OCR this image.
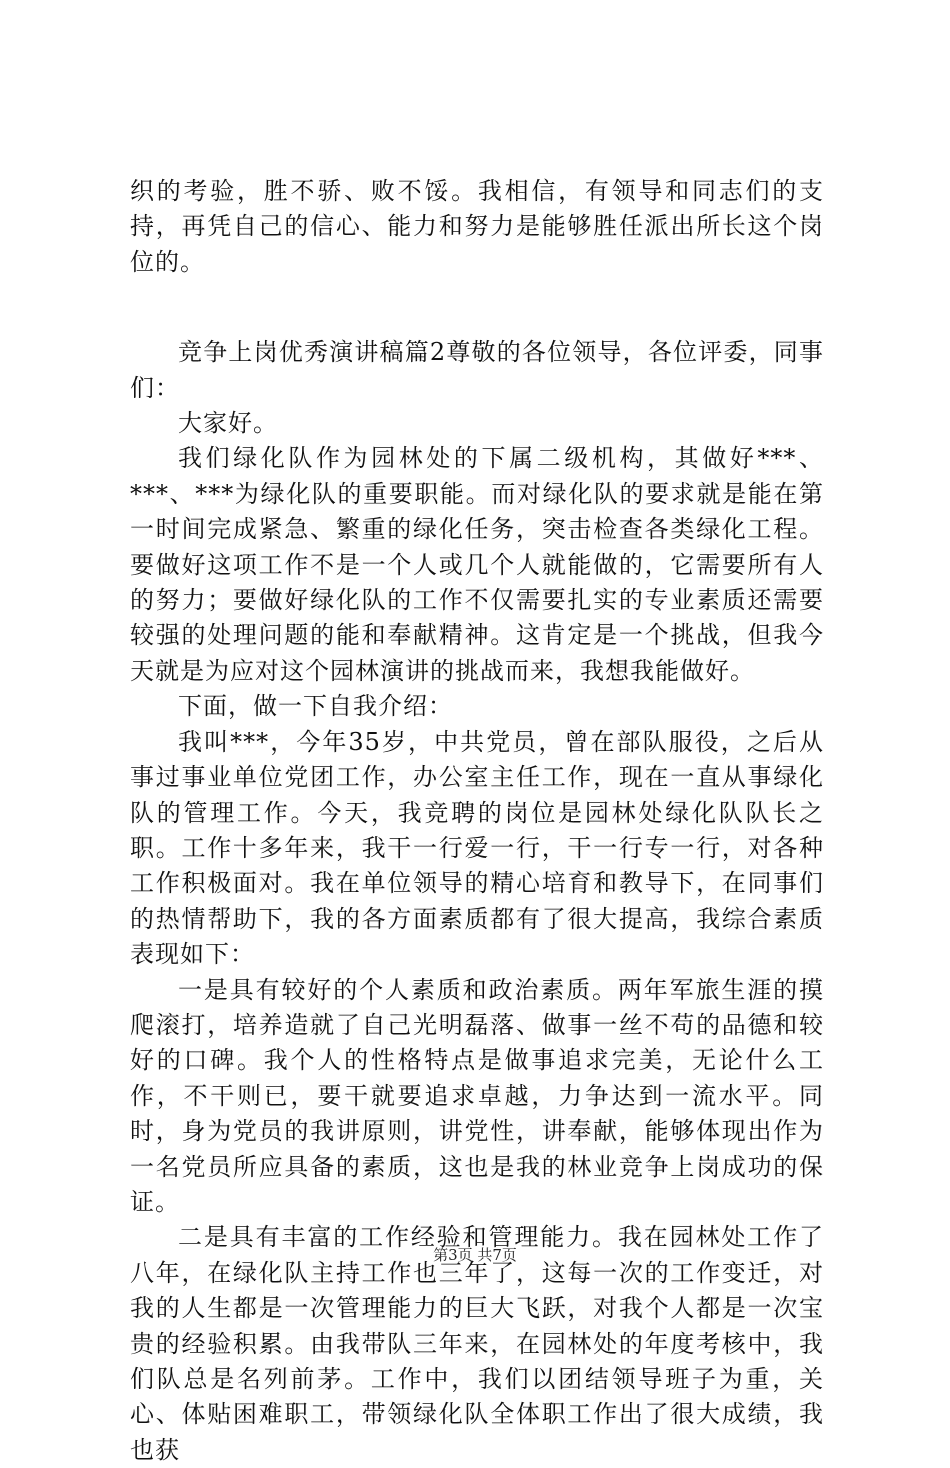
织的考验，胜不骄、败不馁。我相信，有领导和同志们的支持，再凭自己的信心、能力和努力是能够胜任派出所长这个岗位的。

竞争上岗优秀演讲稿篇2尊敬的各位领导，各位评委，同事们：

大家好。

我们绿化队作为园林处的下属二级机构，其做好***、***、***为绿化队的重要职能。而对绿化队的要求就是能在第一时间完成紧急、繁重的绿化任务，突击检查各类绿化工程。要做好这项工作不是一个人或几个人就能做的，它需要所有人的努力；要做好绿化队的工作不仅需要扎实的专业素质还需要较强的处理问题的能和奉献精神。这肯定是一个挑战，但我今天就是为应对这个园林演讲的挑战而来，我想我能做好。

下面，做一下自我介绍：

我叫***，今年35岁，中共党员，曾在部队服役，之后从事过事业单位党团工作，办公室主任工作，现在一直从事绿化队的管理工作。今天，我竞聘的岗位是园林处绿化队队长之职。工作十多年来，我干一行爱一行，干一行专一行，对各种工作积极面对。我在单位领导的精心培育和教导下，在同事们的热情帮助下，我的各方面素质都有了很大提高，我综合素质表现如下：

一是具有较好的个人素质和政治素质。两年军旅生涯的摸爬滚打，培养造就了自己光明磊落、做事一丝不苟的品德和较好的口碑。我个人的性格特点是做事追求完美，无论什么工作，不干则已，要干就要追求卓越，力争达到一流水平。同时，身为党员的我讲原则，讲党性，讲奉献，能够体现出作为一名党员所应具备的素质，这也是我的林业竞争上岗成功的保证。

二是具有丰富的工作经验和管理能力。我在园林处工作了八年，在绿化队主持工作也三年了，这每一次的工作变迁，对我的人生都是一次管理能力的巨大飞跃，对我个人都是一次宝贵的经验积累。由我带队三年来，在园林处的年度考核中，我们队总是名列前茅。工作中，我们以团结领导班子为重，关心、体贴困难职工，带领绿化队全体职工作出了很大成绩，我也获

第3页 共7页
